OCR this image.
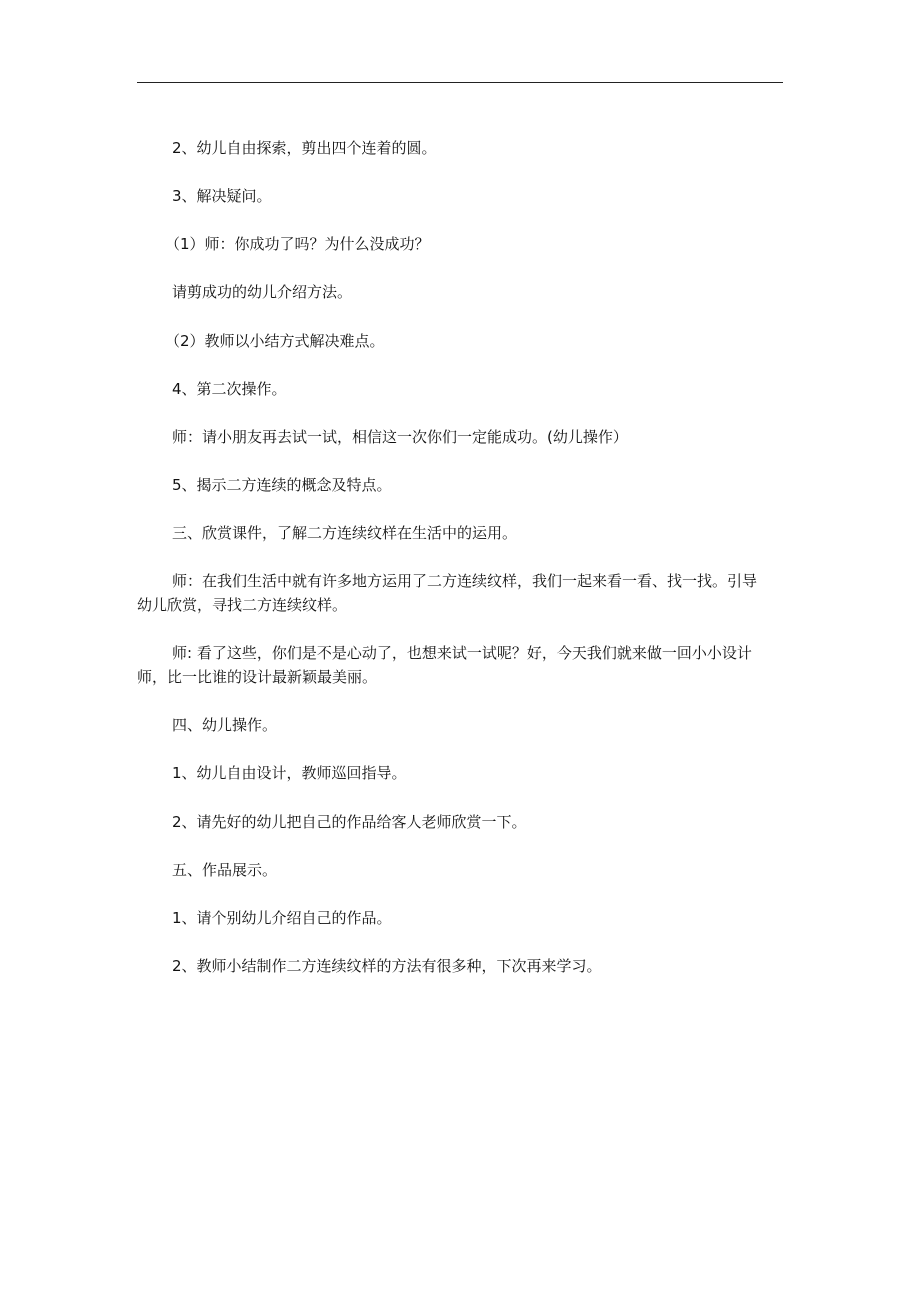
2、幼儿自由探索，剪出四个连着的圆。
3、解决疑问。
（1）师：你成功了吗？为什么没成功？
请剪成功的幼儿介绍方法。
（2）教师以小结方式解决难点。
4、第二次操作。
师：请小朋友再去试一试，相信这一次你们一定能成功。(幼儿操作）
5、揭示二方连续的概念及特点。
三、欣赏课件，了解二方连续纹样在生活中的运用。
师：在我们生活中就有许多地方运用了二方连续纹样，我们一起来看一看、找一找。引导幼儿欣赏，寻找二方连续纹样。
师: 看了这些，你们是不是心动了，也想来试一试呢？好，今天我们就来做一回小小设计师，比一比谁的设计最新颖最美丽。
四、幼儿操作。
1、幼儿自由设计，教师巡回指导。
2、请先好的幼儿把自己的作品给客人老师欣赏一下。
五、作品展示。
1、请个别幼儿介绍自己的作品。
2、教师小结制作二方连续纹样的方法有很多种，下次再来学习。
